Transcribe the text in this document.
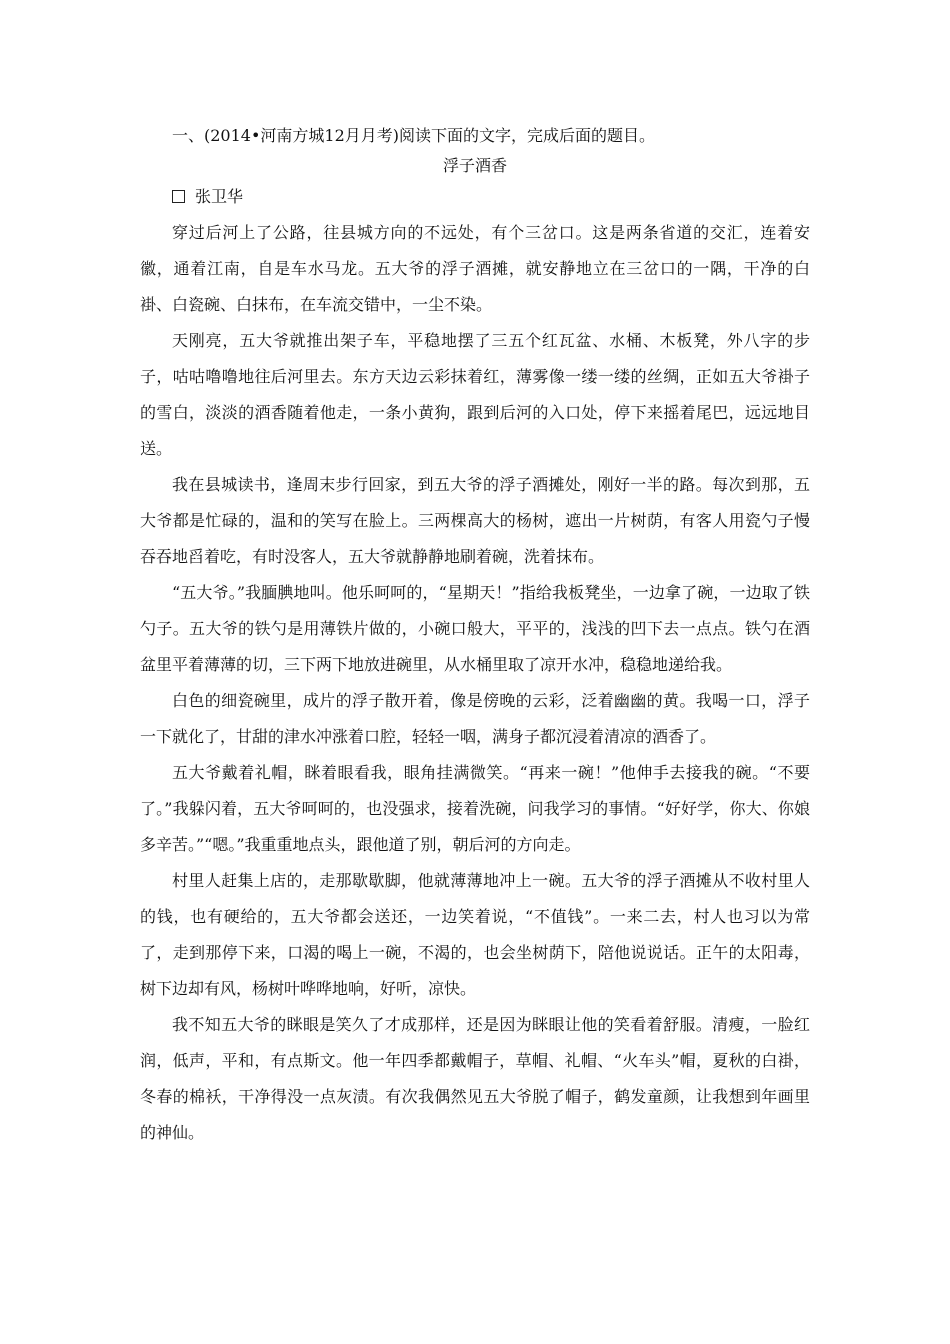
一、(2014•河南方城12月月考)阅读下面的文字，完成后面的题目。

浮子酒香

张卫华

穿过后河上了公路，往县城方向的不远处，有个三岔口。这是两条省道的交汇，连着安徽，通着江南，自是车水马龙。五大爷的浮子酒摊，就安静地立在三岔口的一隅，干净的白褂、白瓷碗、白抹布，在车流交错中，一尘不染。

天刚亮，五大爷就推出架子车，平稳地摆了三五个红瓦盆、水桶、木板凳，外八字的步子，咕咕噜噜地往后河里去。东方天边云彩抹着红，薄雾像一缕一缕的丝绸，正如五大爷褂子的雪白，淡淡的酒香随着他走，一条小黄狗，跟到后河的入口处，停下来摇着尾巴，远远地目送。

我在县城读书，逢周末步行回家，到五大爷的浮子酒摊处，刚好一半的路。每次到那，五大爷都是忙碌的，温和的笑写在脸上。三两棵高大的杨树，遮出一片树荫，有客人用瓷勺子慢吞吞地舀着吃，有时没客人，五大爷就静静地刷着碗，洗着抹布。

“五大爷。”我腼腆地叫。他乐呵呵的，“星期天！”指给我板凳坐，一边拿了碗，一边取了铁勺子。五大爷的铁勺是用薄铁片做的，小碗口般大，平平的，浅浅的凹下去一点点。铁勺在酒盆里平着薄薄的切，三下两下地放进碗里，从水桶里取了凉开水冲，稳稳地递给我。

白色的细瓷碗里，成片的浮子散开着，像是傍晚的云彩，泛着幽幽的黄。我喝一口，浮子一下就化了，甘甜的津水冲涨着口腔，轻轻一咽，满身子都沉浸着清凉的酒香了。

五大爷戴着礼帽，眯着眼看我，眼角挂满微笑。“再来一碗！”他伸手去接我的碗。“不要了。”我躲闪着，五大爷呵呵的，也没强求，接着洗碗，问我学习的事情。“好好学，你大、你娘多辛苦。”“嗯。”我重重地点头，跟他道了别，朝后河的方向走。

村里人赶集上店的，走那歇歇脚，他就薄薄地冲上一碗。五大爷的浮子酒摊从不收村里人的钱，也有硬给的，五大爷都会送还，一边笑着说，“不值钱”。一来二去，村人也习以为常了，走到那停下来，口渴的喝上一碗，不渴的，也会坐树荫下，陪他说说话。正午的太阳毒，树下边却有风，杨树叶哗哗地响，好听，凉快。

我不知五大爷的眯眼是笑久了才成那样，还是因为眯眼让他的笑看着舒服。清瘦，一脸红润，低声，平和，有点斯文。他一年四季都戴帽子，草帽、礼帽、“火车头”帽，夏秋的白褂，冬春的棉袄，干净得没一点灰渍。有次我偶然见五大爷脱了帽子，鹤发童颜，让我想到年画里的神仙。
